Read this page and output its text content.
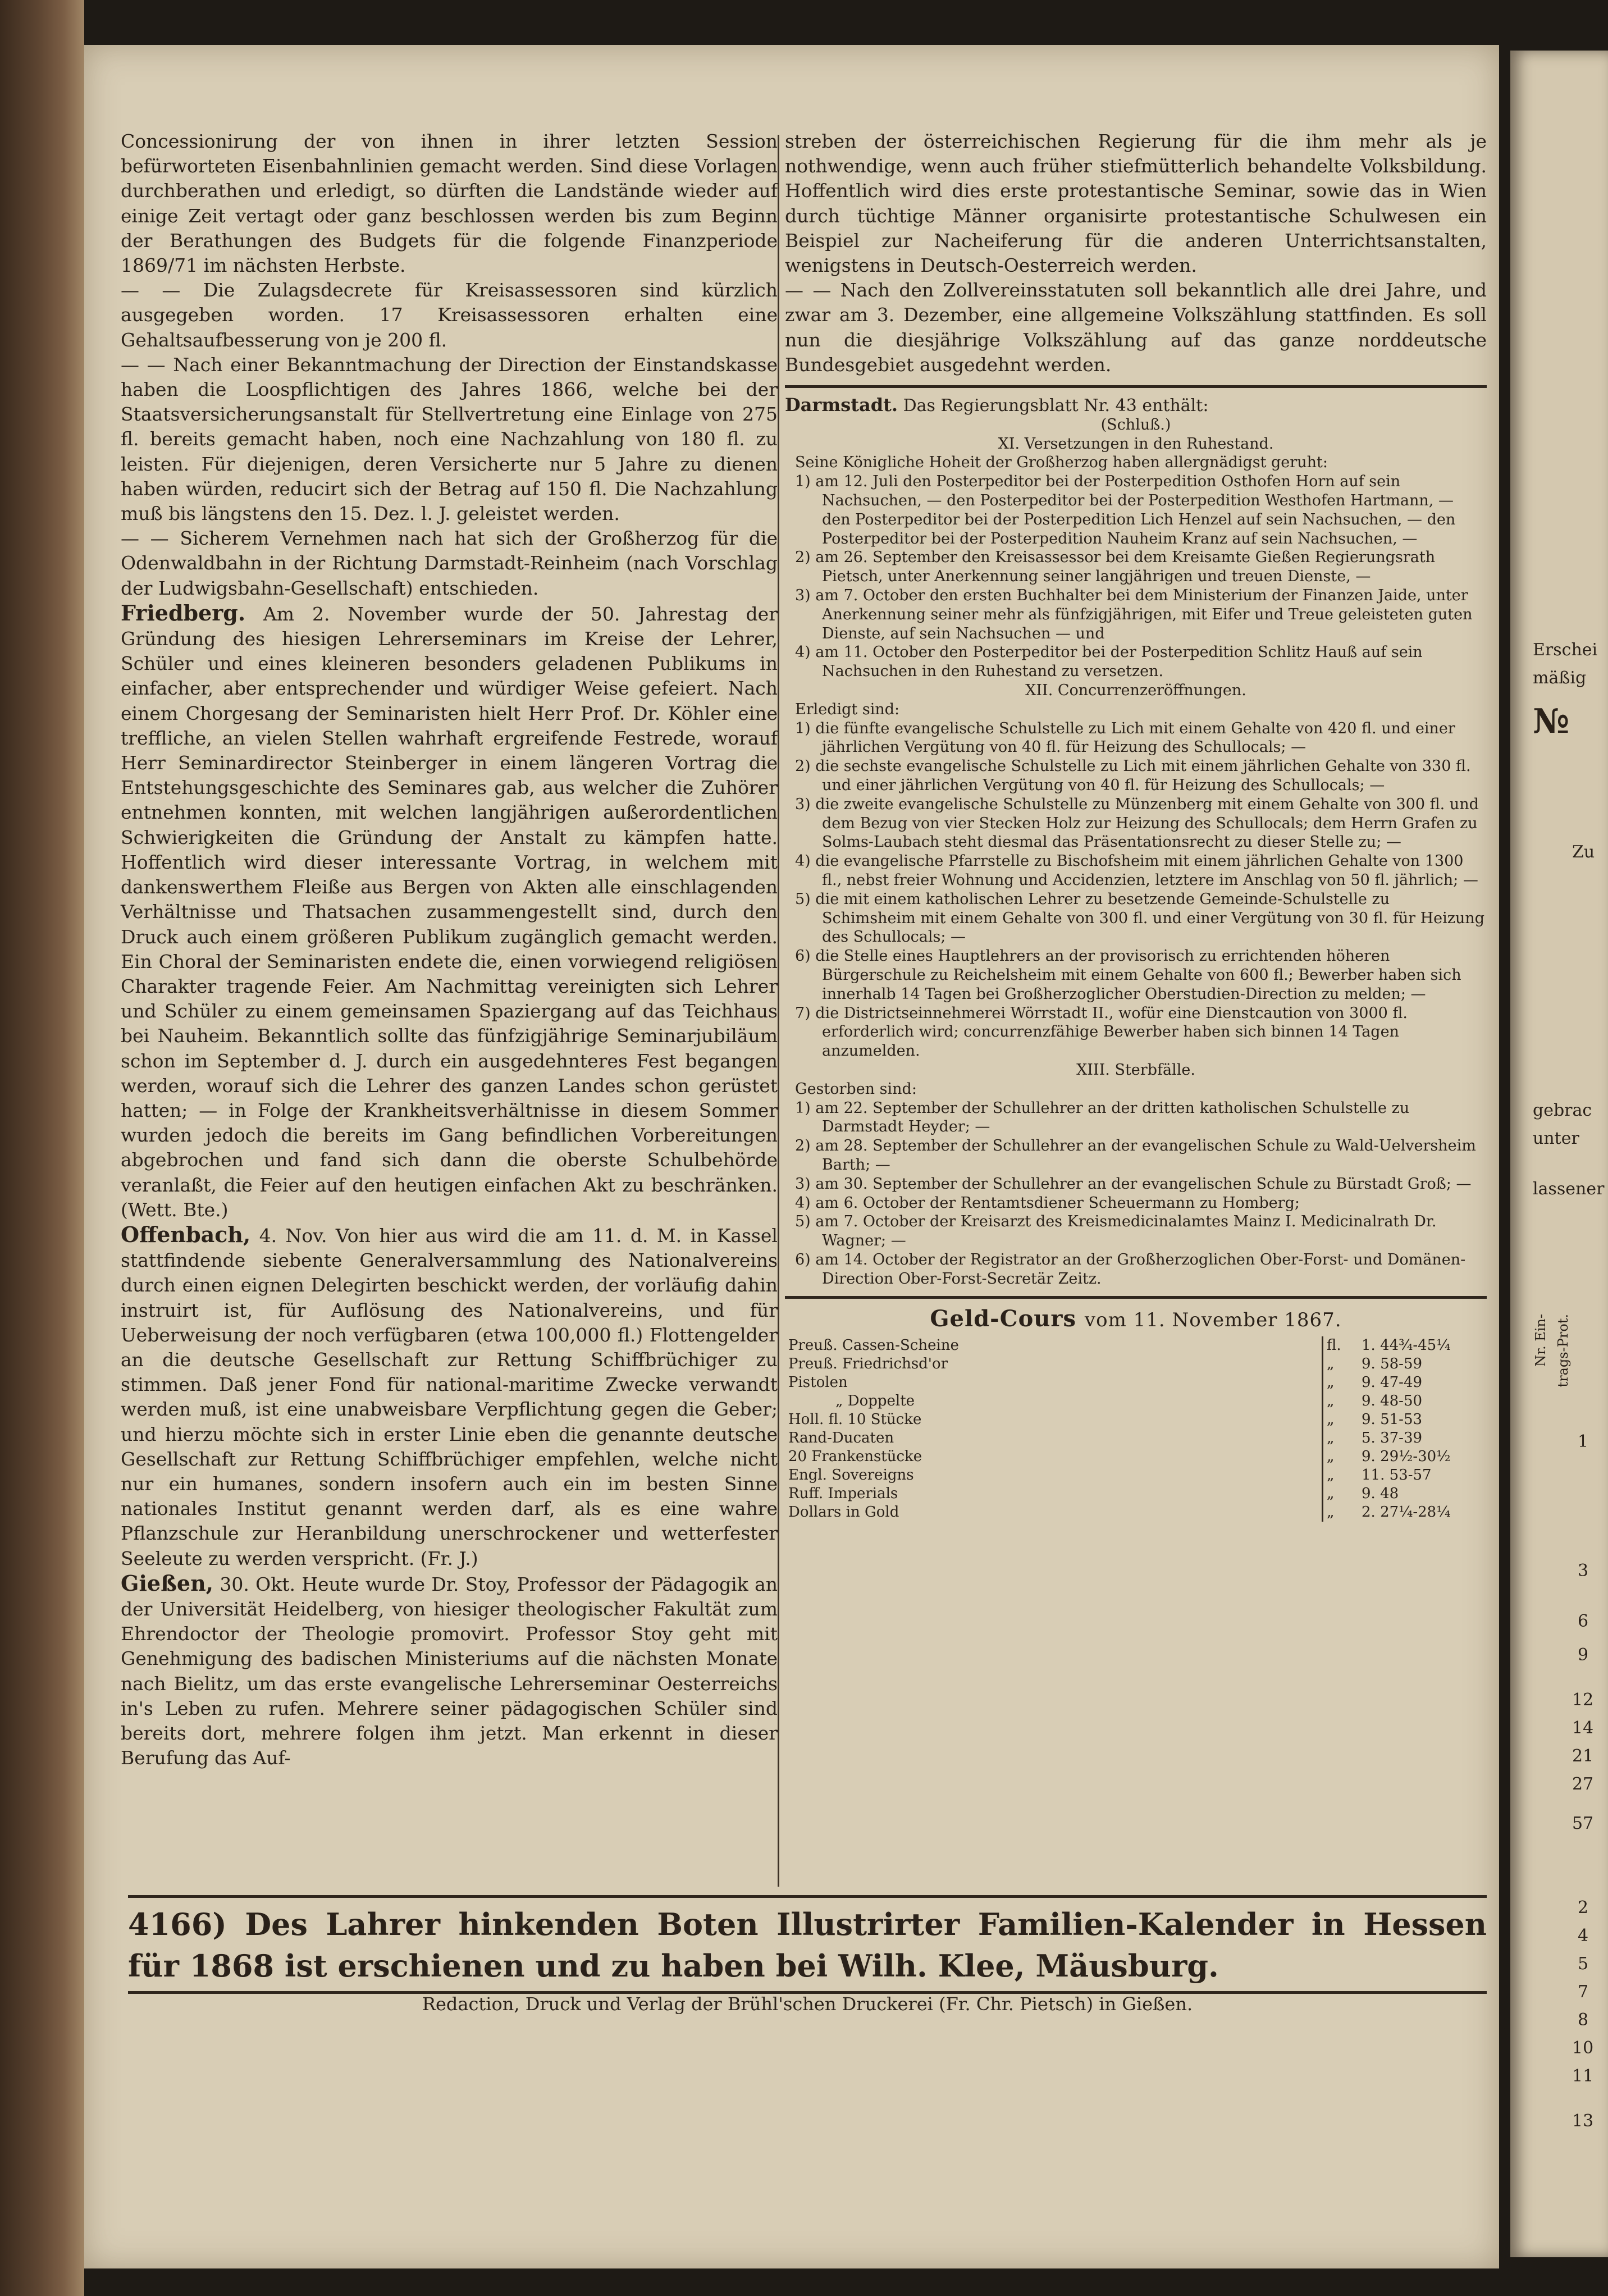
Concessionirung der von ihnen in ihrer letzten Session befürworteten Eisenbahnlinien gemacht werden. Sind diese Vorlagen durchberathen und erledigt, so dürften die Landstände wieder auf einige Zeit vertagt oder ganz beschlossen werden bis zum Beginn der Berathungen des Budgets für die folgende Finanzperiode 1869/71 im nächsten Herbste.

— — Die Zulagsdecrete für Kreisassessoren sind kürzlich ausgegeben worden. 17 Kreisassessoren erhalten eine Gehaltsaufbesserung von je 200 fl.

— — Nach einer Bekanntmachung der Direction der Einstandskasse haben die Loospflichtigen des Jahres 1866, welche bei der Staatsversicherungsanstalt für Stellvertretung eine Einlage von 275 fl. bereits gemacht haben, noch eine Nachzahlung von 180 fl. zu leisten. Für diejenigen, deren Versicherte nur 5 Jahre zu dienen haben würden, reducirt sich der Betrag auf 150 fl. Die Nachzahlung muß bis längstens den 15. Dez. l. J. geleistet werden.

— — Sicherem Vernehmen nach hat sich der Großherzog für die Odenwaldbahn in der Richtung Darmstadt-Reinheim (nach Vorschlag der Ludwigsbahn-Gesellschaft) entschieden.

Friedberg. Am 2. November wurde der 50. Jahrestag der Gründung des hiesigen Lehrerseminars im Kreise der Lehrer, Schüler und eines kleineren besonders geladenen Publikums in einfacher, aber entsprechender und würdiger Weise gefeiert. Nach einem Chorgesang der Seminaristen hielt Herr Prof. Dr. Köhler eine treffliche, an vielen Stellen wahrhaft ergreifende Festrede, worauf Herr Seminardirector Steinberger in einem längeren Vortrag die Entstehungsgeschichte des Seminares gab, aus welcher die Zuhörer entnehmen konnten, mit welchen langjährigen außerordentlichen Schwierigkeiten die Gründung der Anstalt zu kämpfen hatte. Hoffentlich wird dieser interessante Vortrag, in welchem mit dankenswerthem Fleiße aus Bergen von Akten alle einschlagenden Verhältnisse und Thatsachen zusammengestellt sind, durch den Druck auch einem größeren Publikum zugänglich gemacht werden. Ein Choral der Seminaristen endete die, einen vorwiegend religiösen Charakter tragende Feier. Am Nachmittag vereinigten sich Lehrer und Schüler zu einem gemeinsamen Spaziergang auf das Teichhaus bei Nauheim. Bekanntlich sollte das fünfzigjährige Seminarjubiläum schon im September d. J. durch ein ausgedehnteres Fest begangen werden, worauf sich die Lehrer des ganzen Landes schon gerüstet hatten; — in Folge der Krankheitsverhältnisse in diesem Sommer wurden jedoch die bereits im Gang befindlichen Vorbereitungen abgebrochen und fand sich dann die oberste Schulbehörde veranlaßt, die Feier auf den heutigen einfachen Akt zu beschränken. (Wett. Bte.)

Offenbach, 4. Nov. Von hier aus wird die am 11. d. M. in Kassel stattfindende siebente Generalversammlung des Nationalvereins durch einen eignen Delegirten beschickt werden, der vorläufig dahin instruirt ist, für Auflösung des Nationalvereins, und für Ueberweisung der noch verfügbaren (etwa 100,000 fl.) Flottengelder an die deutsche Gesellschaft zur Rettung Schiffbrüchiger zu stimmen. Daß jener Fond für national-maritime Zwecke verwandt werden muß, ist eine unabweisbare Verpflichtung gegen die Geber; und hierzu möchte sich in erster Linie eben die genannte deutsche Gesellschaft zur Rettung Schiffbrüchiger empfehlen, welche nicht nur ein humanes, sondern insofern auch ein im besten Sinne nationales Institut genannt werden darf, als es eine wahre Pflanzschule zur Heranbildung unerschrockener und wetterfester Seeleute zu werden verspricht. (Fr. J.)

Gießen, 30. Okt. Heute wurde Dr. Stoy, Professor der Pädagogik an der Universität Heidelberg, von hiesiger theologischer Fakultät zum Ehrendoctor der Theologie promovirt. Professor Stoy geht mit Genehmigung des badischen Ministeriums auf die nächsten Monate nach Bielitz, um das erste evangelische Lehrerseminar Oesterreichs in's Leben zu rufen. Mehrere seiner pädagogischen Schüler sind bereits dort, mehrere folgen ihm jetzt. Man erkennt in dieser Berufung das Auf-

streben der österreichischen Regierung für die ihm mehr als je nothwendige, wenn auch früher stiefmütterlich behandelte Volksbildung. Hoffentlich wird dies erste protestantische Seminar, sowie das in Wien durch tüchtige Männer organisirte protestantische Schulwesen ein Beispiel zur Nacheiferung für die anderen Unterrichtsanstalten, wenigstens in Deutsch-Oesterreich werden.

— — Nach den Zollvereinsstatuten soll bekanntlich alle drei Jahre, und zwar am 3. Dezember, eine allgemeine Volkszählung stattfinden. Es soll nun die diesjährige Volkszählung auf das ganze norddeutsche Bundesgebiet ausgedehnt werden.

Darmstadt. Das Regierungsblatt Nr. 43 enthält:

(Schluß.)

XI. Versetzungen in den Ruhestand.

Seine Königliche Hoheit der Großherzog haben allergnädigst geruht:

1) am 12. Juli den Posterpeditor bei der Posterpedition Osthofen Horn auf sein Nachsuchen, — den Posterpeditor bei der Posterpedition Westhofen Hartmann, — den Posterpeditor bei der Posterpedition Lich Henzel auf sein Nachsuchen, — den Posterpeditor bei der Posterpedition Nauheim Kranz auf sein Nachsuchen, —

2) am 26. September den Kreisassessor bei dem Kreisamte Gießen Regierungsrath Pietsch, unter Anerkennung seiner langjährigen und treuen Dienste, —

3) am 7. October den ersten Buchhalter bei dem Ministerium der Finanzen Jaide, unter Anerkennung seiner mehr als fünfzigjährigen, mit Eifer und Treue geleisteten guten Dienste, auf sein Nachsuchen — und

4) am 11. October den Posterpeditor bei der Posterpedition Schlitz Hauß auf sein Nachsuchen in den Ruhestand zu versetzen.

XII. Concurrenzeröffnungen.

Erledigt sind:

1) die fünfte evangelische Schulstelle zu Lich mit einem Gehalte von 420 fl. und einer jährlichen Vergütung von 40 fl. für Heizung des Schullocals; —

2) die sechste evangelische Schulstelle zu Lich mit einem jährlichen Gehalte von 330 fl. und einer jährlichen Vergütung von 40 fl. für Heizung des Schullocals; —

3) die zweite evangelische Schulstelle zu Münzenberg mit einem Gehalte von 300 fl. und dem Bezug von vier Stecken Holz zur Heizung des Schullocals; dem Herrn Grafen zu Solms-Laubach steht diesmal das Präsentationsrecht zu dieser Stelle zu; —

4) die evangelische Pfarrstelle zu Bischofsheim mit einem jährlichen Gehalte von 1300 fl., nebst freier Wohnung und Accidenzien, letztere im Anschlag von 50 fl. jährlich; —

5) die mit einem katholischen Lehrer zu besetzende Gemeinde-Schulstelle zu Schimsheim mit einem Gehalte von 300 fl. und einer Vergütung von 30 fl. für Heizung des Schullocals; —

6) die Stelle eines Hauptlehrers an der provisorisch zu errichtenden höheren Bürgerschule zu Reichelsheim mit einem Gehalte von 600 fl.; Bewerber haben sich innerhalb 14 Tagen bei Großherzoglicher Oberstudien-Direction zu melden; —

7) die Districtseinnehmerei Wörrstadt II., wofür eine Dienstcaution von 3000 fl. erforderlich wird; concurrenzfähige Bewerber haben sich binnen 14 Tagen anzumelden.

XIII. Sterbfälle.

Gestorben sind:

1) am 22. September der Schullehrer an der dritten katholischen Schulstelle zu Darmstadt Heyder; —

2) am 28. September der Schullehrer an der evangelischen Schule zu Wald-Uelversheim Barth; —

3) am 30. September der Schullehrer an der evangelischen Schule zu Bürstadt Groß; —

4) am 6. October der Rentamtsdiener Scheuermann zu Homberg;

5) am 7. October der Kreisarzt des Kreismedicinalamtes Mainz I. Medicinalrath Dr. Wagner; —

6) am 14. October der Registrator an der Großherzoglichen Ober-Forst- und Domänen-Direction Ober-Forst-Secretär Zeitz.

Geld-Cours vom 11. November 1867.

Preuß. Cassen-Scheine	fl.	1. 44¾-45¼
Preuß. Friedrichsd'or	„	9. 58-59
Pistolen	„	9. 47-49
„ Doppelte	„	9. 48-50
Holl. fl. 10 Stücke	„	9. 51-53
Rand-Ducaten	„	5. 37-39
20 Frankenstücke	„	9. 29½-30½
Engl. Sovereigns	„	11. 53-57
Ruff. Imperials	„	9. 48
Dollars in Gold	„	2. 27¼-28¼
4166) Des Lahrer hinkenden Boten Illustrirter Familien-Kalender in Hessen für 1868 ist erschienen und zu haben bei Wilh. Klee, Mäusburg.
Redaction, Druck und Verlag der Brühl'schen Druckerei (Fr. Chr. Pietsch) in Gießen.
Erschei
mäßig
№
Zu
gebrac
unter
lassener
Nr. Ein- trags-Prot.
1
3
6
9
12
14
21
27
57
2
4
5
7
8
10
11
13
